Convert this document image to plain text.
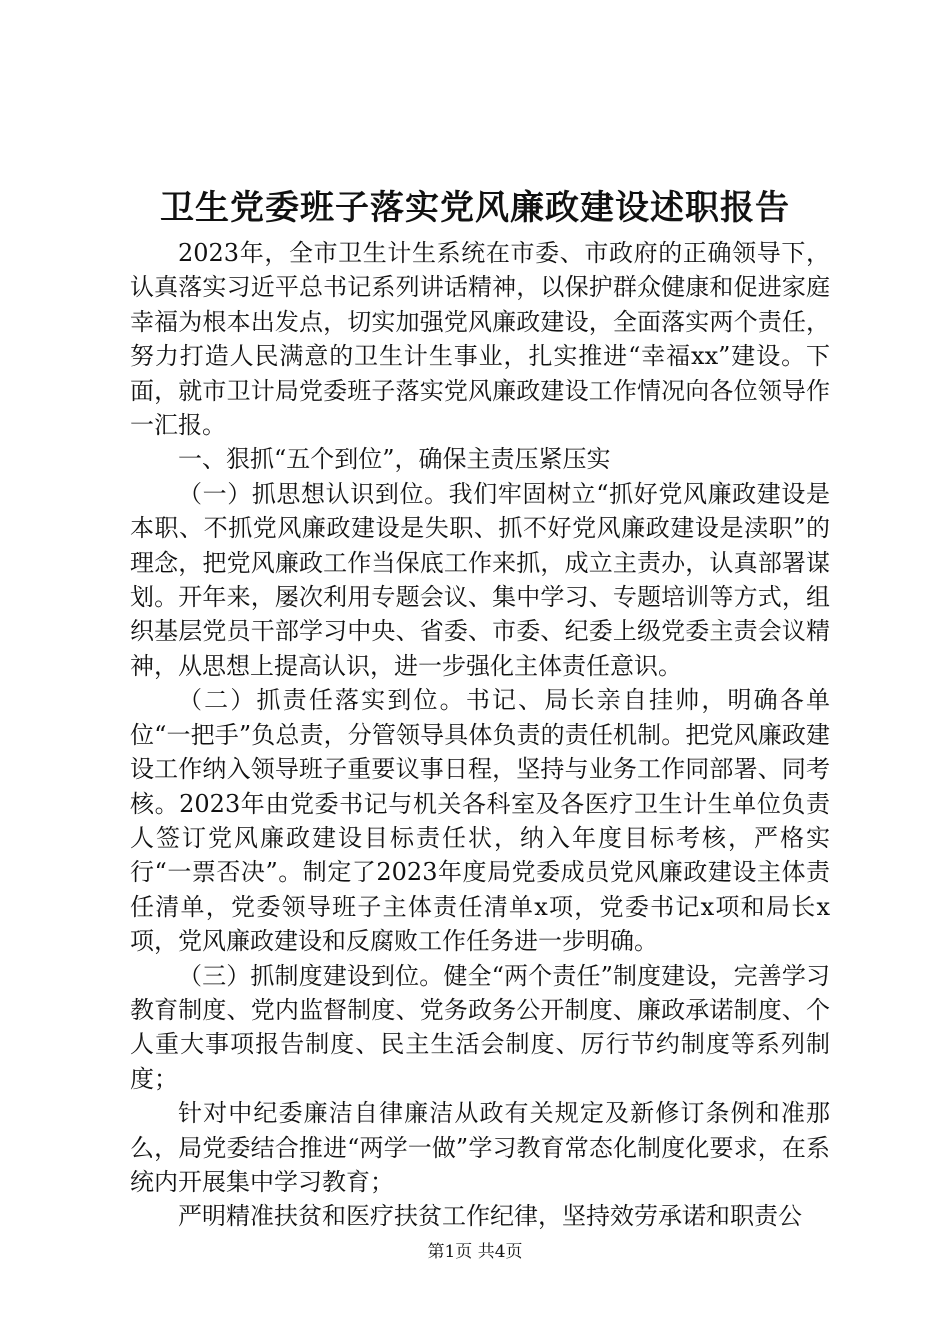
卫生党委班子落实党风廉政建设述职报告

2023年，全市卫生计生系统在市委、市政府的正确领导下，认真落实习近平总书记系列讲话精神，以保护群众健康和促进家庭幸福为根本出发点，切实加强党风廉政建设，全面落实两个责任，努力打造人民满意的卫生计生事业，扎实推进“幸福xx”建设。下面，就市卫计局党委班子落实党风廉政建设工作情况向各位领导作一汇报。

一、狠抓“五个到位”，确保主责压紧压实

（一）抓思想认识到位。我们牢固树立“抓好党风廉政建设是本职、不抓党风廉政建设是失职、抓不好党风廉政建设是渎职”的理念，把党风廉政工作当保底工作来抓，成立主责办，认真部署谋划。开年来，屡次利用专题会议、集中学习、专题培训等方式，组织基层党员干部学习中央、省委、市委、纪委上级党委主责会议精神，从思想上提高认识，进一步强化主体责任意识。

（二）抓责任落实到位。书记、局长亲自挂帅，明确各单位“一把手”负总责，分管领导具体负责的责任机制。把党风廉政建设工作纳入领导班子重要议事日程，坚持与业务工作同部署、同考核。2023年由党委书记与机关各科室及各医疗卫生计生单位负责人签订党风廉政建设目标责任状，纳入年度目标考核，严格实行“一票否决”。制定了2023年度局党委成员党风廉政建设主体责任清单，党委领导班子主体责任清单x项，党委书记x项和局长x项，党风廉政建设和反腐败工作任务进一步明确。

（三）抓制度建设到位。健全“两个责任”制度建设，完善学习教育制度、党内监督制度、党务政务公开制度、廉政承诺制度、个人重大事项报告制度、民主生活会制度、厉行节约制度等系列制度；

针对中纪委廉洁自律廉洁从政有关规定及新修订条例和准那么，局党委结合推进“两学一做”学习教育常态化制度化要求，在系统内开展集中学习教育；

严明精准扶贫和医疗扶贫工作纪律，坚持效劳承诺和职责公

第1页 共4页
